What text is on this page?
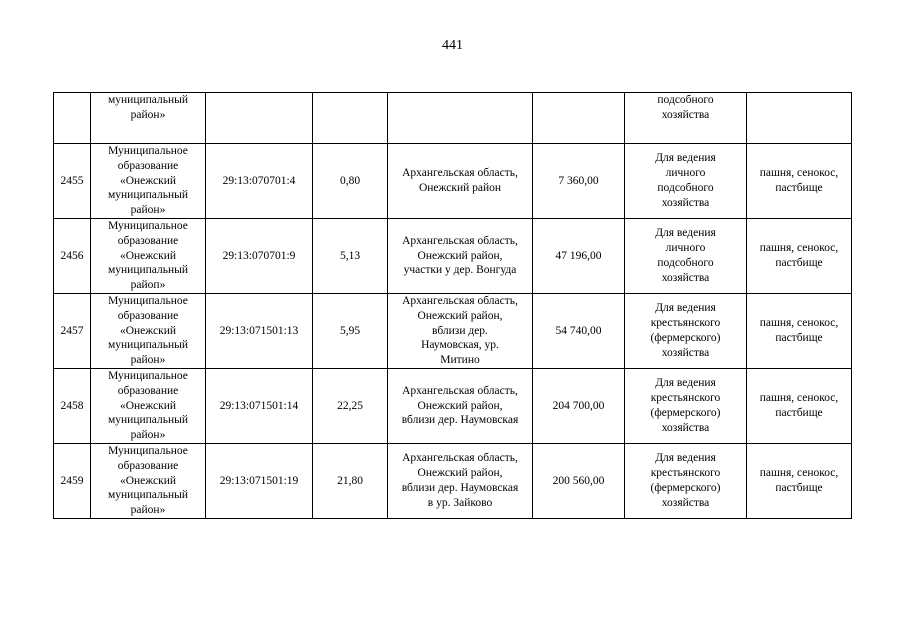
441

	муниципальный
район»					подсобного
хозяйства	

2455	Муниципальное
образование
«Онежский
муниципальный
район»	29:13:070701:4	0,80	Архангельская область,
Онежский район	7 360,00	Для ведения
личного
подсобного
хозяйства	пашня, сенокос,
пастбище
2456	Муниципальное
образование
«Онежский
муниципальный
райоп»	29:13:070701:9	5,13	Архангельская область,
Онежский район,
участки у дер. Вонгуда	47 196,00	Для ведения
личного
подсобного
хозяйства	пашня, сенокос,
пастбище
2457	Муниципальное
образование
«Онежский
муниципальный
район»	29:13:071501:13	5,95	Архангельская область,
Онежский район,
вблизи дер.
Наумовская, ур.
Митино	54 740,00	Для ведения
крестьянского
(фермерского)
хозяйства	пашня, сенокос,
пастбище
2458	Муниципальное
образование
«Онежский
муниципальный
район»	29:13:071501:14	22,25	Архангельская область,
Онежский район,
вблизи дер. Наумовская	204 700,00	Для ведения
крестьянского
(фермерского)
хозяйства	пашня, сенокос,
пастбище
2459	Муниципальное
образование
«Онежский
муниципальный
район»	29:13:071501:19	21,80	Архангельская область,
Онежский район,
вблизи дер. Наумовская
в ур. Зайково	200 560,00	Для ведения
крестьянского
(фермерского)
хозяйства	пашня, сенокос,
пастбище
